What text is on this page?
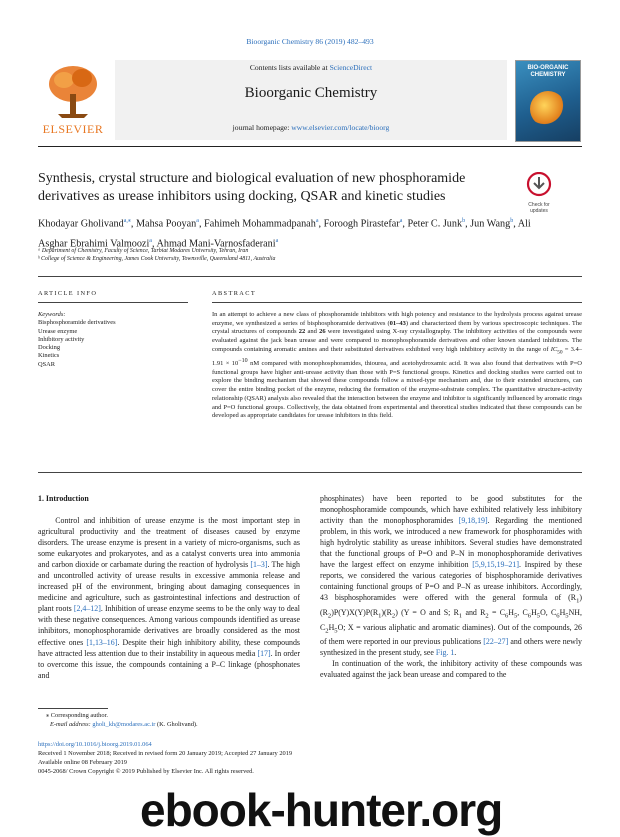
Bioorganic Chemistry 86 (2019) 482–493
ELSEVIER
Contents lists available at ScienceDirect
Bioorganic Chemistry
journal homepage: www.elsevier.com/locate/bioorg
BIO-ORGANIC CHEMISTRY
Synthesis, crystal structure and biological evaluation of new phosphoramide derivatives as urease inhibitors using docking, QSAR and kinetic studies
Check for updates
Khodayar Gholivand$^{a,⁎}$, Mahsa Pooyan$^a$, Fahimeh Mohammadpanah$^a$, Foroogh Pirastefar$^a$, Peter C. Junk$^b$, Jun Wang$^b$, Ali Asghar Ebrahimi Valmoozi$^a$, Ahmad Mani-Varnosfaderani$^a$
ᵃ Department of Chemistry, Faculty of Science, Tarbiat Modares University, Tehran, Iran
ᵇ College of Science & Engineering, James Cook University, Townsville, Queensland 4811, Australia
ARTICLE INFO	ABSTRACT
Keywords:
Bisphosphoramide derivatives
Urease enzyme
Inhibitory activity
Docking
Kinetics
QSAR
In an attempt to achieve a new class of phosphoramide inhibitors with high potency and resistance to the hydrolysis process against urease enzyme, we synthesized a series of bisphosphoramide derivatives (01–43) and characterized them by various spectroscopic techniques. The crystal structures of compounds 22 and 26 were investigated using X-ray crystallography. The inhibitory activities of the compounds were evaluated against the jack bean urease and were compared to monophosphoramide derivatives and other known standard inhibitors. The compounds containing aromatic amines and their substituted derivatives exhibited very high inhibitory activity in the range of $IC_{50} = 3.4-1.91 \times 10^{-10}$ nM compared with monophosphoramides, thiourea, and acetohydroxamic acid. It was also found that derivatives with P=O functional groups have higher anti-urease activity than those with P=S functional groups. Kinetics and docking studies were carried out to explore the binding mechanism that showed these compounds follow a mixed-type mechanism and, due to their extended structures, can cover the entire binding pocket of the enzyme, reducing the formation of the enzyme-substrate complex. The quantitative structure-activity relationship (QSAR) analysis also revealed that the interaction between the enzyme and inhibitor is significantly influenced by aromatic rings and P=O functional groups. Collectively, the data obtained from experimental and theoretical studies indicated that these compounds can be developed as appropriate candidates for urease inhibitors in this field.
1. Introduction
Control and inhibition of urease enzyme is the most important step in agricultural productivity and the treatment of diseases caused by enzyme disorders. The urease enzyme is present in a variety of micro-organisms, such as some eukaryotes and prokaryotes, and as a catalyst converts urea into ammonia and carbon dioxide or carbamate during the reaction of hydrolysis [1–3]. The high and uncontrolled activity of urease results in excessive ammonia release and increased pH of the environment, bringing about damaging consequences in medicine and agriculture, such as gastrointestinal infections and destruction of plant roots [2,4–12]. Inhibition of urease enzyme seems to be the only way to deal with these negative consequences. Among various compounds identified as urease inhibitors, monophosphoramide derivatives are broadly considered as the most effective ones [1,13–16]. Despite their high inhibitory ability, these compounds have attracted less attention due to their instability in aqueous media [17]. In order to overcome this issue, the compounds containing a P–C linkage (phosphonates and
phosphinates) have been reported to be good substitutes for the monophosphoramide compounds, which have exhibited relatively less inhibitory activity than the monophosphoramides [9,18,19]. Regarding the mentioned problem, in this work, we introduced a new framework for phosphoramides with high hydrolytic stability as urease inhibitors. Several studies have demonstrated that the functional groups of P=O and P–N in monophosphoramide derivatives have the largest effect on enzyme inhibition [5,9,15,19–21]. Inspired by these reports, we considered the various categories of bisphosphoramide derivatives containing functional groups of P=O and P–N as urease inhibitors. Accordingly, 43 bisphosphoramides were offered with the general formula of $(R_1)(R_2)P(Y)X(Y)P(R_1)(R_2) (Y = O$ and S; $R_1$ and $R_2 = C_6H_5$, $C_6H_5O$, $C_6H_5NH$, $C_2H_5O$; X = various aliphatic and aromatic diamines). Out of the compounds, 26 of them were reported in our previous publications [22–27] and others were newly synthesized in the present study, see Fig. 1.
In continuation of the work, the inhibitory activity of these compounds was evaluated against the jack bean urease and compared to the
⁎ Corresponding author.
E-mail address: gholi_kh@modares.ac.ir (K. Gholivand).
https://doi.org/10.1016/j.bioorg.2019.01.064
Received 1 November 2018; Received in revised form 20 January 2019; Accepted 27 January 2019
Available online 08 February 2019
0045-2068/ Crown Copyright © 2019 Published by Elsevier Inc. All rights reserved.
ebook-hunter.org
